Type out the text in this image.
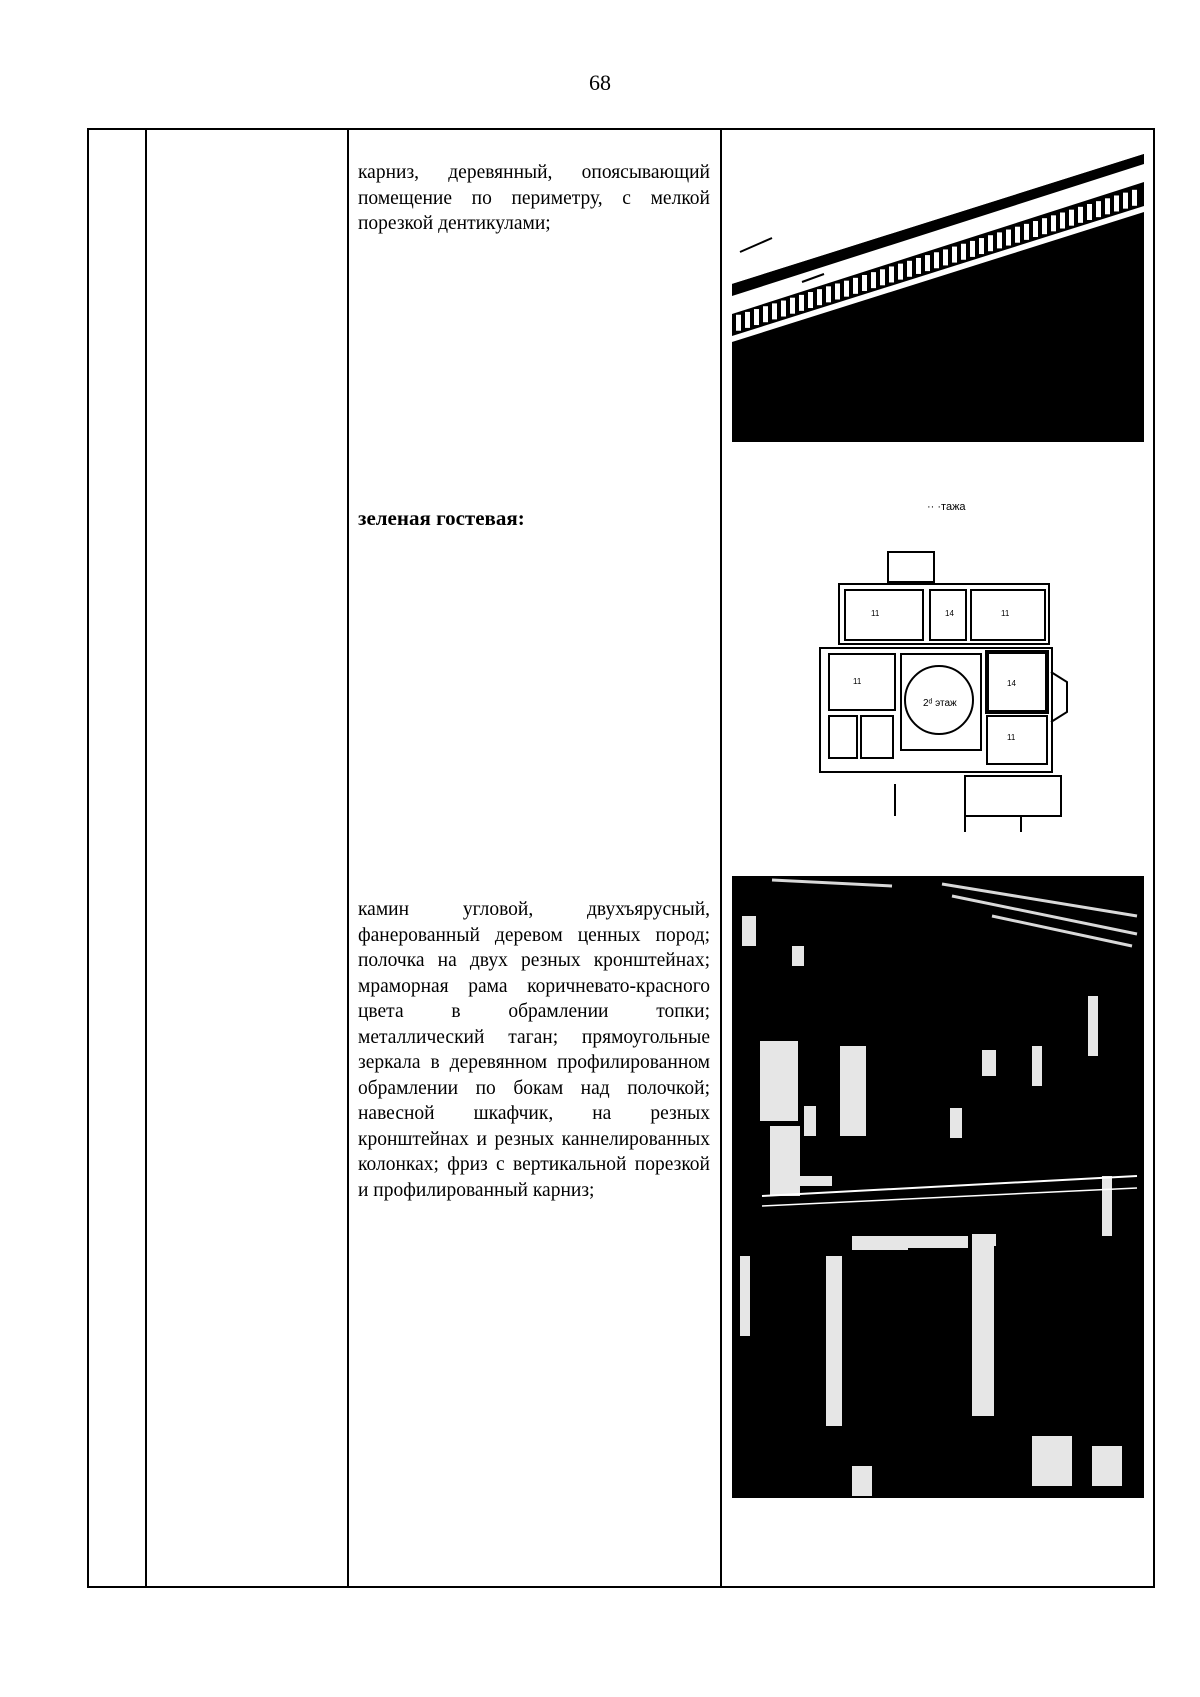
68
карниз, деревянный, опоясывающий помещение по периметру, с мелкой порезкой дентикулами;
зеленая гостевая:	·· ·тажа
11	14	11
11	14
11
2ᵈ этаж
камин угловой, двухъярусный, фанерованный деревом ценных пород; полочка на двух резных кронштейнах; мраморная рама коричневато-красного цвета в обрамлении топки; металлический таган; прямоугольные зеркала в деревянном профилированном обрамлении по бокам над полочкой; навесной шкафчик, на резных кронштейнах и резных каннелированных колонках; фриз с вертикальной порезкой и профилированный карниз;
